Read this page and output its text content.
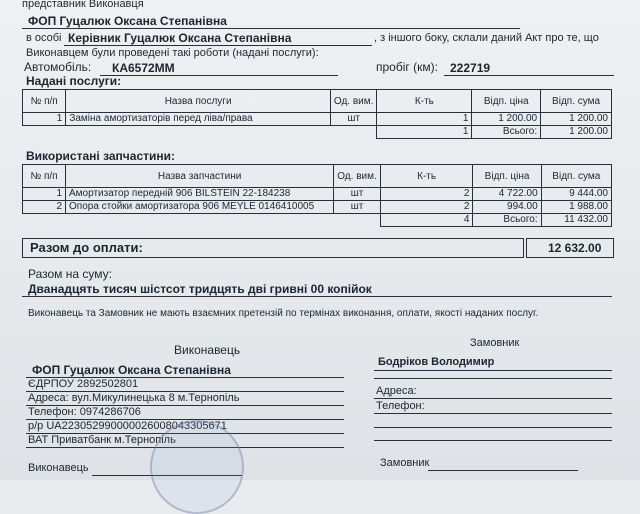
представник Виконавця
ФОП Гуцалюк Оксана Степанівна
в особі Керівник Гуцалюк Оксана Степанівна	, з іншого боку, склали даний Акт про те, що
Виконавцем були проведені такі роботи (надані послуги):
Автомобіль: КА6572ММ	пробіг (км): 222719
Надані послуги:
№ п/п	Назва послуги	Од. вим.	К-ть	Відп. ціна	Відп. сума
1	Заміна амортизаторів перед ліва/права	шт	1	1 200.00	1 200.00
			1	Всього:	1 200.00
Використані запчастини:
№ п/п	Назва запчастини	Од. вим.	К-ть	Відп. ціна	Відп. сума
1	Амортизатор передній 906 BILSTEIN 22-184238	шт	2	4 722.00	9 444.00
2	Опора стойки амортизатора 906 MEYLE 0146410005	шт	2	994.00	1 988.00
			4	Всього:	11 432.00
Разом до оплати:	12 632.00
Разом на суму:
Дванадцять тисяч шістсот тридцять дві гривні 00 копійок
Виконавець та Замовник не мають взаємних претензій по термінах виконання, оплати, якості наданих послуг.
Виконавець
ФОП Гуцалюк Оксана Степанівна
ЄДРПОУ 2892502801
Адреса: вул.Микулинецька 8 м.Тернопіль
Телефон: 0974286706
р/р UA223052990000026008043305671
ВАТ Приватбанк м.Тернопіль
Виконавець
Замовник
Бодріков Володимир
Адреса:
Телефон:
Замовник
